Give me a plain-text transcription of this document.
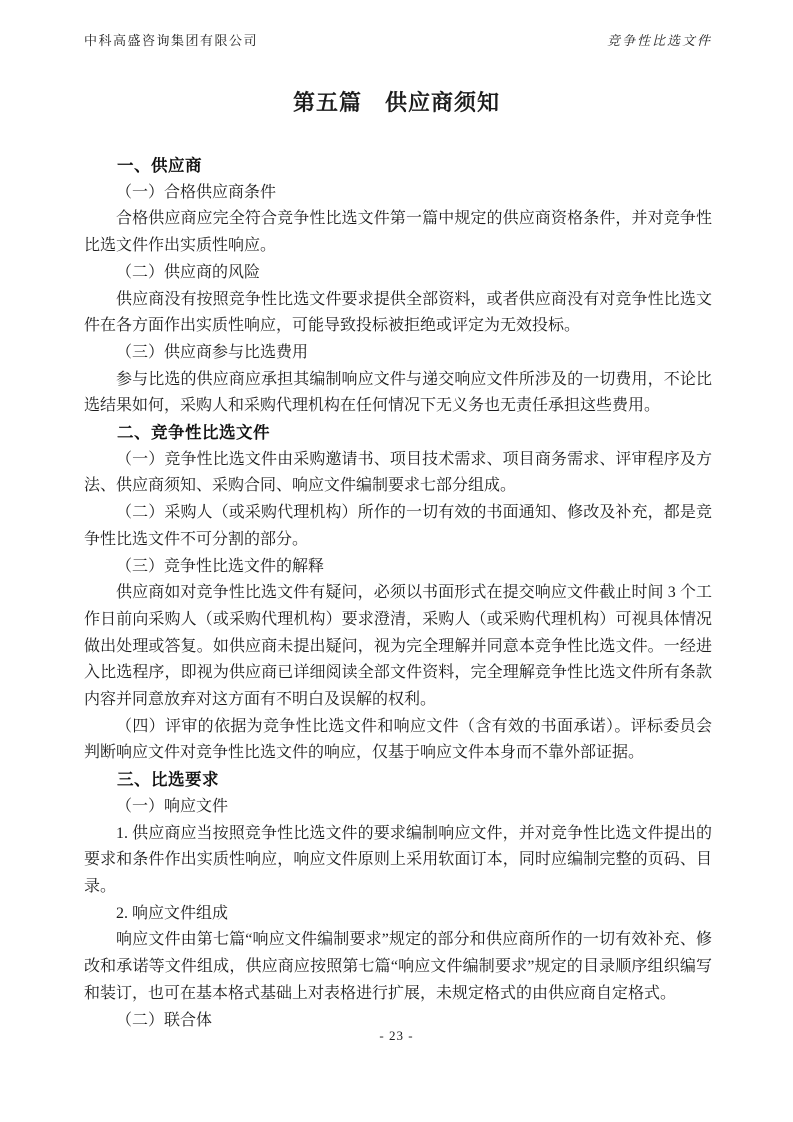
中科高盛咨询集团有限公司	竞争性比选文件
第五篇　供应商须知
一、供应商

（一）合格供应商条件

合格供应商应完全符合竞争性比选文件第一篇中规定的供应商资格条件，并对竞争性比选文件作出实质性响应。

（二）供应商的风险

供应商没有按照竞争性比选文件要求提供全部资料，或者供应商没有对竞争性比选文件在各方面作出实质性响应，可能导致投标被拒绝或评定为无效投标。

（三）供应商参与比选费用

参与比选的供应商应承担其编制响应文件与递交响应文件所涉及的一切费用，不论比选结果如何，采购人和采购代理机构在任何情况下无义务也无责任承担这些费用。

二、竞争性比选文件

（一）竞争性比选文件由采购邀请书、项目技术需求、项目商务需求、评审程序及方法、供应商须知、采购合同、响应文件编制要求七部分组成。

（二）采购人（或采购代理机构）所作的一切有效的书面通知、修改及补充，都是竞争性比选文件不可分割的部分。

（三）竞争性比选文件的解释

供应商如对竞争性比选文件有疑问，必须以书面形式在提交响应文件截止时间 3 个工作日前向采购人（或采购代理机构）要求澄清，采购人（或采购代理机构）可视具体情况做出处理或答复。如供应商未提出疑问，视为完全理解并同意本竞争性比选文件。一经进入比选程序，即视为供应商已详细阅读全部文件资料，完全理解竞争性比选文件所有条款内容并同意放弃对这方面有不明白及误解的权利。

（四）评审的依据为竞争性比选文件和响应文件（含有效的书面承诺）。评标委员会判断响应文件对竞争性比选文件的响应，仅基于响应文件本身而不靠外部证据。

三、比选要求

（一）响应文件

1. 供应商应当按照竞争性比选文件的要求编制响应文件，并对竞争性比选文件提出的要求和条件作出实质性响应，响应文件原则上采用软面订本，同时应编制完整的页码、目录。

2. 响应文件组成

响应文件由第七篇“响应文件编制要求”规定的部分和供应商所作的一切有效补充、修改和承诺等文件组成，供应商应按照第七篇“响应文件编制要求”规定的目录顺序组织编写和装订，也可在基本格式基础上对表格进行扩展，未规定格式的由供应商自定格式。

（二）联合体

- 23 -
